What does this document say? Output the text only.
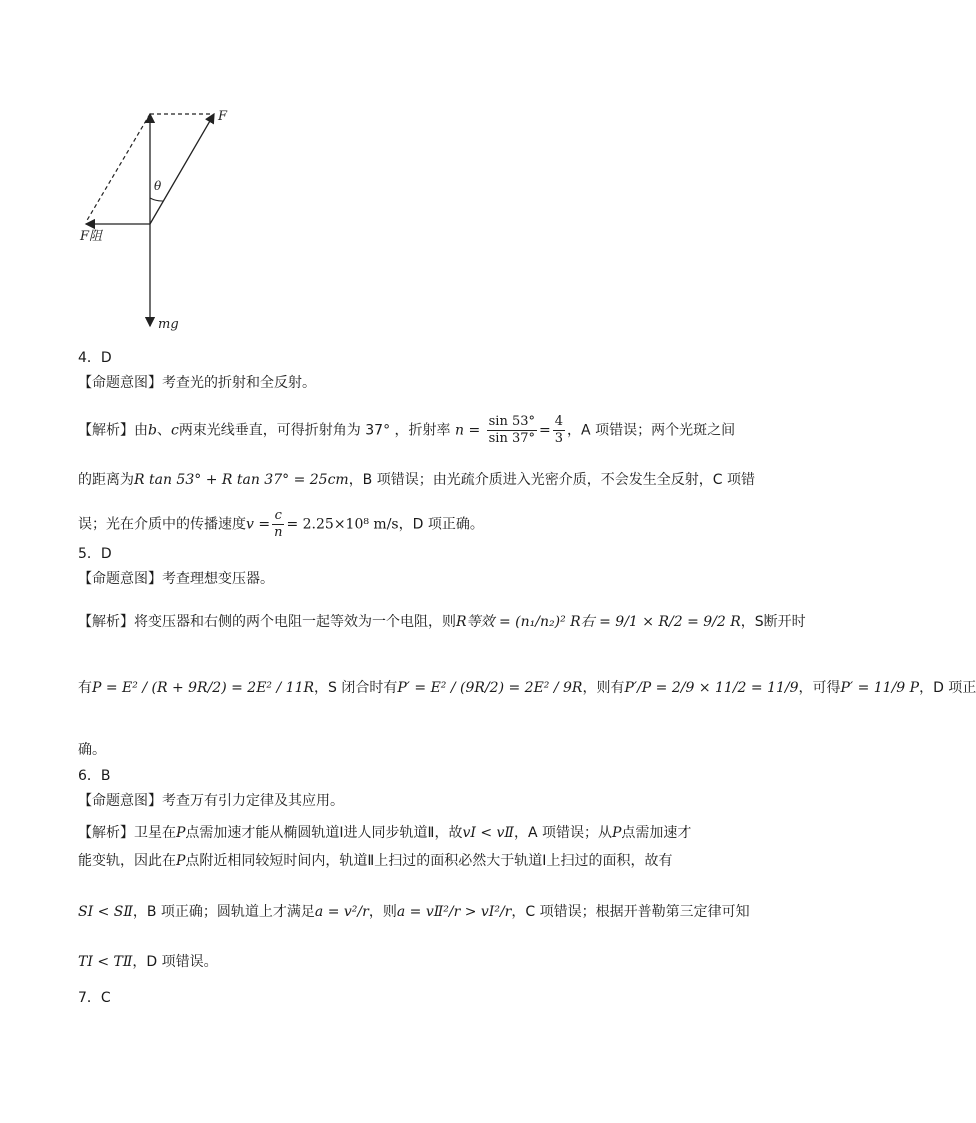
F
θ
F阻
mg
4．D
【命题意图】考查光的折射和全反射。
【解析】由b、c两束光线垂直，可得折射角为 37° ，折射率 $n = \frac{\sin 53^\circ}{\sin 37^\circ} = \frac{4}{3}$ ，A 项错误；两个光斑之间
的距离为R tan 53° + R tan 37° = 25cm，B 项错误；由光疏介质进入光密介质，不会发生全反射，C 项错
误；光在介质中的传播速度$v = \frac{c}{n} = 2.25\times 10^8$ m/s，D 项正确。
5．D
【命题意图】考查理想变压器。
【解析】将变压器和右侧的两个电阻一起等效为一个电阻，则R等效 = (n₁/n₂)² R右 = 9/1 × R/2 = 9/2 R，S断开时
有P = E² / (R + 9R/2) = 2E² / 11R，S 闭合时有P′ = E² / (9R/2) = 2E² / 9R，则有P′/P = 2/9 × 11/2 = 11/9，可得P′ = 11/9 P，D 项正
确。
6．B
【命题意图】考查万有引力定律及其应用。
【解析】卫星在P点需加速才能从椭圆轨道Ⅰ进人同步轨道Ⅱ，故vⅠ < vⅡ，A 项错误；从P点需加速才
能变轨，因此在P点附近相同较短时间内，轨道Ⅱ上扫过的面积必然大于轨道Ⅰ上扫过的面积，故有
SⅠ < SⅡ，B 项正确；圆轨道上才满足a = v²/r，则a = vⅡ²/r > vⅠ²/r，C 项错误；根据开普勒第三定律可知
TⅠ < TⅡ，D 项错误。
7．C
